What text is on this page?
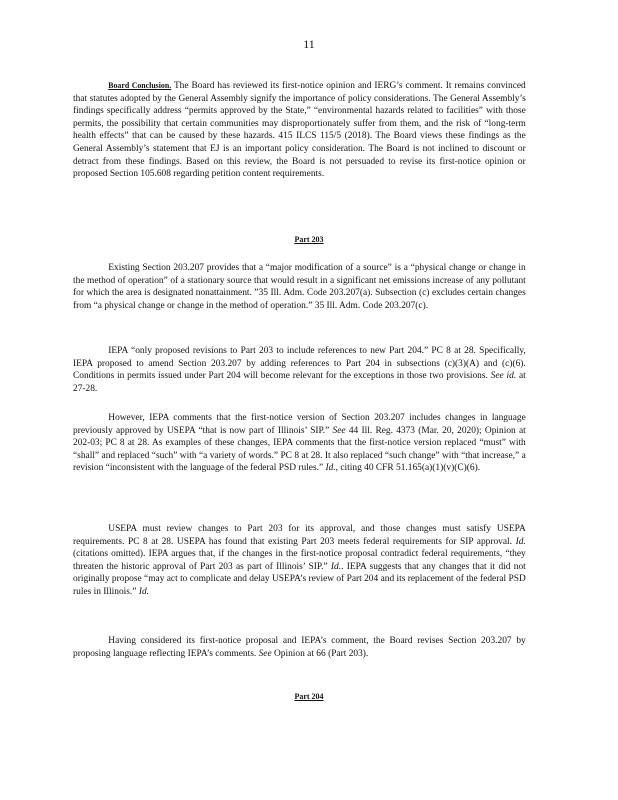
11

Board Conclusion. The Board has reviewed its first-notice opinion and IERG’s comment. It remains convinced that statutes adopted by the General Assembly signify the importance of policy considerations. The General Assembly’s findings specifically address “permits approved by the State,” “environmental hazards related to facilities” with those permits, the possibility that certain communities may disproportionately suffer from them, and the risk of “long-term health effects” that can be caused by these hazards. 415 ILCS 115/5 (2018). The Board views these findings as the General Assembly’s statement that EJ is an important policy consideration. The Board is not inclined to discount or detract from these findings. Based on this review, the Board is not persuaded to revise its first-notice opinion or proposed Section 105.608 regarding petition content requirements.

Part 203

Existing Section 203.207 provides that a “major modification of a source” is a “physical change or change in the method of operation” of a stationary source that would result in a significant net emissions increase of any pollutant for which the area is designated nonattainment. ”35 Ill. Adm. Code 203.207(a). Subsection (c) excludes certain changes from “a physical change or change in the method of operation.” 35 Ill. Adm. Code 203.207(c).

IEPA “only proposed revisions to Part 203 to include references to new Part 204.” PC 8 at 28. Specifically, IEPA proposed to amend Section 203.207 by adding references to Part 204 in subsections (c)(3)(A) and (c)(6). Conditions in permits issued under Part 204 will become relevant for the exceptions in those two provisions. See id. at 27-28.

However, IEPA comments that the first-notice version of Section 203.207 includes changes in language previously approved by USEPA “that is now part of Illinois’ SIP.” See 44 Ill. Reg. 4373 (Mar. 20, 2020); Opinion at 202-03; PC 8 at 28. As examples of these changes, IEPA comments that the first-notice version replaced “must” with “shall” and replaced “such” with “a variety of words.” PC 8 at 28. It also replaced “such change” with “that increase,” a revision “inconsistent with the language of the federal PSD rules.” Id., citing 40 CFR 51.165(a)(1)(v)(C)(6).

USEPA must review changes to Part 203 for its approval, and those changes must satisfy USEPA requirements. PC 8 at 28. USEPA has found that existing Part 203 meets federal requirements for SIP approval. Id. (citations omitted). IEPA argues that, if the changes in the first-notice proposal contradict federal requirements, “they threaten the historic approval of Part 203 as part of Illinois’ SIP.” Id.. IEPA suggests that any changes that it did not originally propose “may act to complicate and delay USEPA’s review of Part 204 and its replacement of the federal PSD rules in Illinois.” Id.

Having considered its first-notice proposal and IEPA’s comment, the Board revises Section 203.207 by proposing language reflecting IEPA’s comments. See Opinion at 66 (Part 203).

Part 204
